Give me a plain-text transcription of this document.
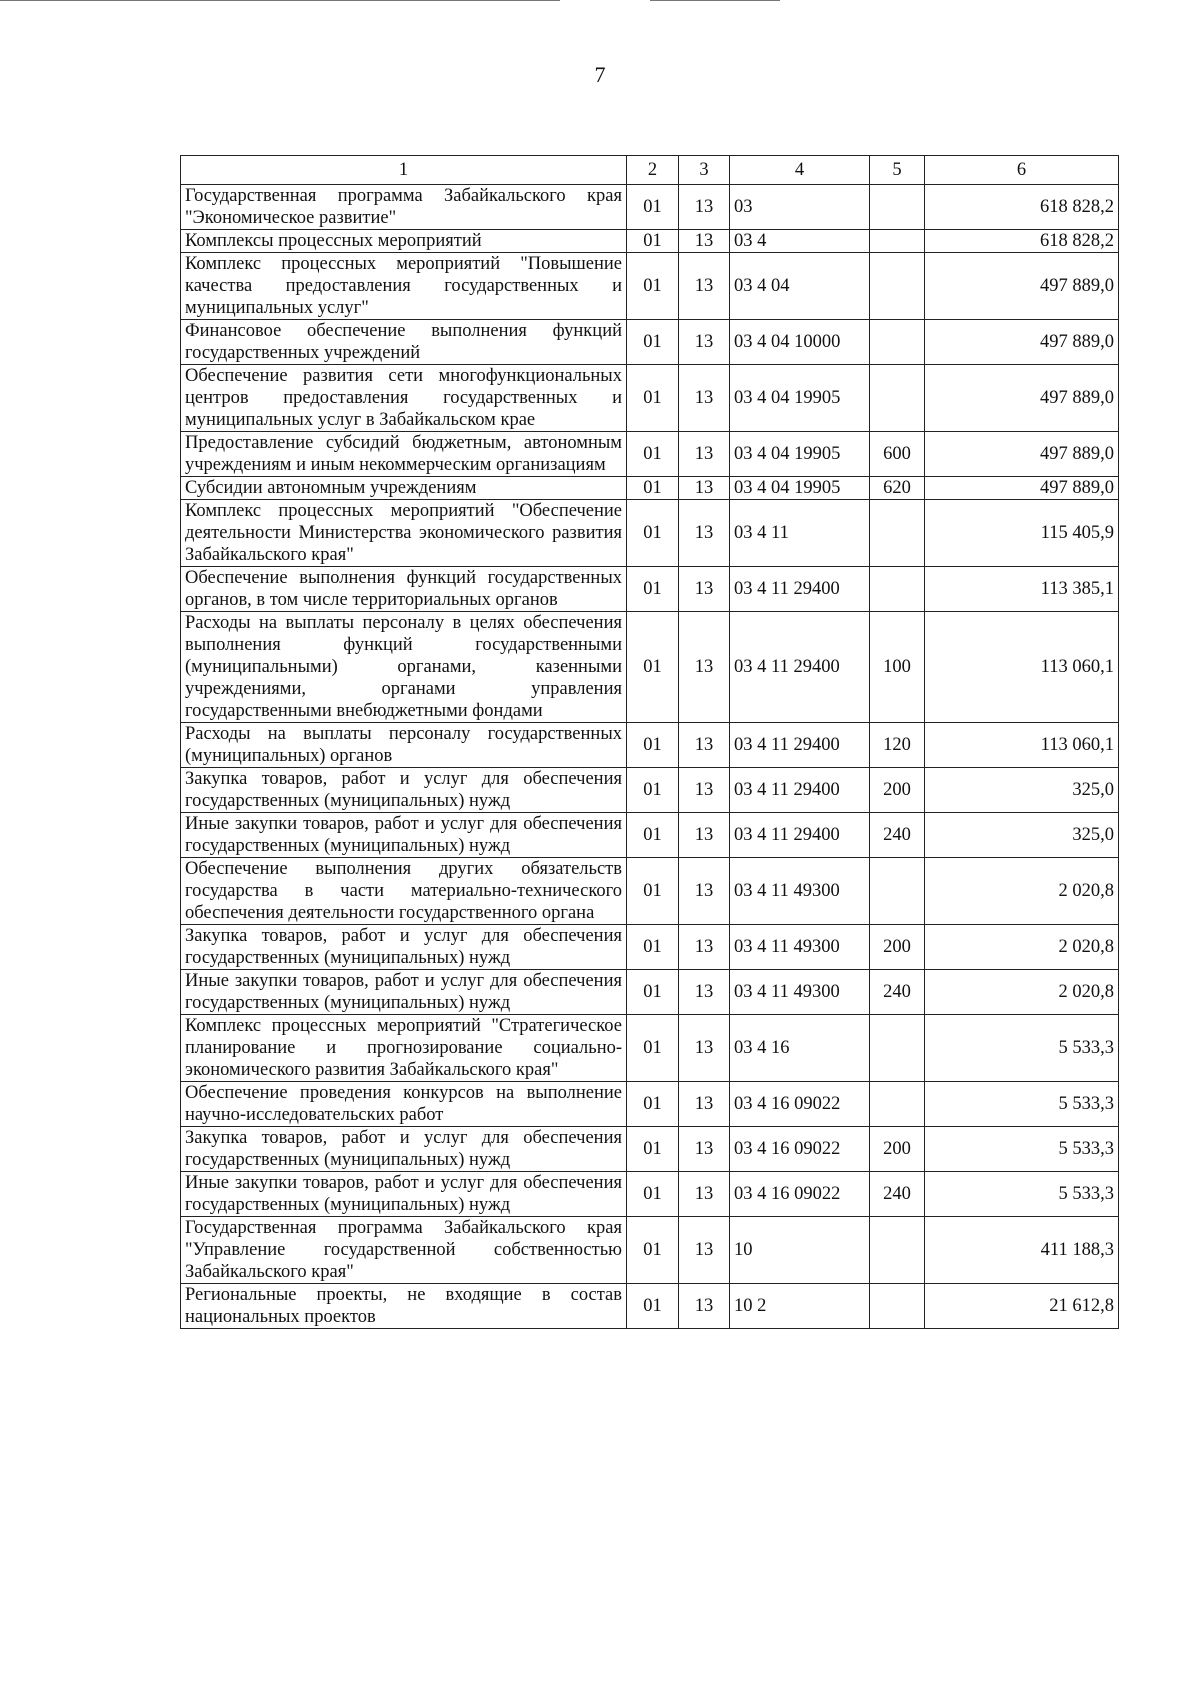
7
1	2	3	4	5	6
Государственная программа Забайкальского края "Экономическое развитие"	01	13	03		618 828,2
Комплексы процессных мероприятий	01	13	03 4		618 828,2
Комплекс процессных мероприятий "Повышение качества предоставления государственных и муниципальных услуг"	01	13	03 4 04		497 889,0
Финансовое обеспечение выполнения функций государственных учреждений	01	13	03 4 04 10000		497 889,0
Обеспечение развития сети многофункциональных центров предоставления государственных и муниципальных услуг в Забайкальском крае	01	13	03 4 04 19905		497 889,0
Предоставление субсидий бюджетным, автономным учреждениям и иным некоммерческим организациям	01	13	03 4 04 19905	600	497 889,0
Субсидии автономным учреждениям	01	13	03 4 04 19905	620	497 889,0
Комплекс процессных мероприятий "Обеспечение деятельности Министерства экономического развития Забайкальского края"	01	13	03 4 11		115 405,9
Обеспечение выполнения функций государственных органов, в том числе территориальных органов	01	13	03 4 11 29400		113 385,1
Расходы на выплаты персоналу в целях обеспечения выполнения функций государственными (муниципальными) органами, казенными учреждениями, органами управления государственными внебюджетными фондами	01	13	03 4 11 29400	100	113 060,1
Расходы на выплаты персоналу государственных (муниципальных) органов	01	13	03 4 11 29400	120	113 060,1
Закупка товаров, работ и услуг для обеспечения государственных (муниципальных) нужд	01	13	03 4 11 29400	200	325,0
Иные закупки товаров, работ и услуг для обеспечения государственных (муниципальных) нужд	01	13	03 4 11 29400	240	325,0
Обеспечение выполнения других обязательств государства в части материально-технического обеспечения деятельности государственного органа	01	13	03 4 11 49300		2 020,8
Закупка товаров, работ и услуг для обеспечения государственных (муниципальных) нужд	01	13	03 4 11 49300	200	2 020,8
Иные закупки товаров, работ и услуг для обеспечения государственных (муниципальных) нужд	01	13	03 4 11 49300	240	2 020,8
Комплекс процессных мероприятий "Стратегическое планирование и прогнозирование социально-экономического развития Забайкальского края"	01	13	03 4 16		5 533,3
Обеспечение проведения конкурсов на выполнение научно-исследовательских работ	01	13	03 4 16 09022		5 533,3
Закупка товаров, работ и услуг для обеспечения государственных (муниципальных) нужд	01	13	03 4 16 09022	200	5 533,3
Иные закупки товаров, работ и услуг для обеспечения государственных (муниципальных) нужд	01	13	03 4 16 09022	240	5 533,3
Государственная программа Забайкальского края "Управление государственной собственностью Забайкальского края"	01	13	10		411 188,3
Региональные проекты, не входящие в состав национальных проектов	01	13	10 2		21 612,8
